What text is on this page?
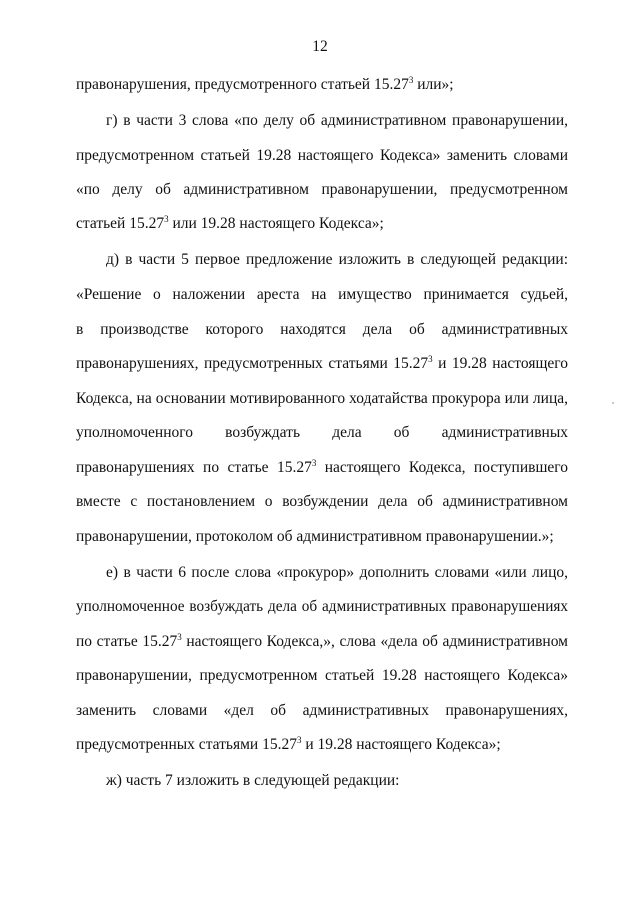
12
правонарушения, предусмотренного статьей 15.27$^3$ или»;
г) в части 3 слова «по делу об административном правонарушении,
предусмотренном статьей 19.28 настоящего Кодекса» заменить словами
«по делу об административном правонарушении, предусмотренном
статьей 15.27$^3$ или 19.28 настоящего Кодекса»;
д) в части 5 первое предложение изложить в следующей редакции:
«Решение о наложении ареста на имущество принимается судьей,
в производстве которого находятся дела об административных
правонарушениях, предусмотренных статьями 15.27$^3$ и 19.28 настоящего
Кодекса, на основании мотивированного ходатайства прокурора или лица,
уполномоченного возбуждать дела об административных
правонарушениях по статье 15.27$^3$ настоящего Кодекса, поступившего
вместе с постановлением о возбуждении дела об административном
правонарушении, протоколом об административном правонарушении.»;
е) в части 6 после слова «прокурор» дополнить словами «или лицо,
уполномоченное возбуждать дела об административных правонарушениях
по статье 15.27$^3$ настоящего Кодекса,», слова «дела об административном
правонарушении, предусмотренном статьей 19.28 настоящего Кодекса»
заменить словами «дел об административных правонарушениях,
предусмотренных статьями 15.27$^3$ и 19.28 настоящего Кодекса»;
ж) часть 7 изложить в следующей редакции:
